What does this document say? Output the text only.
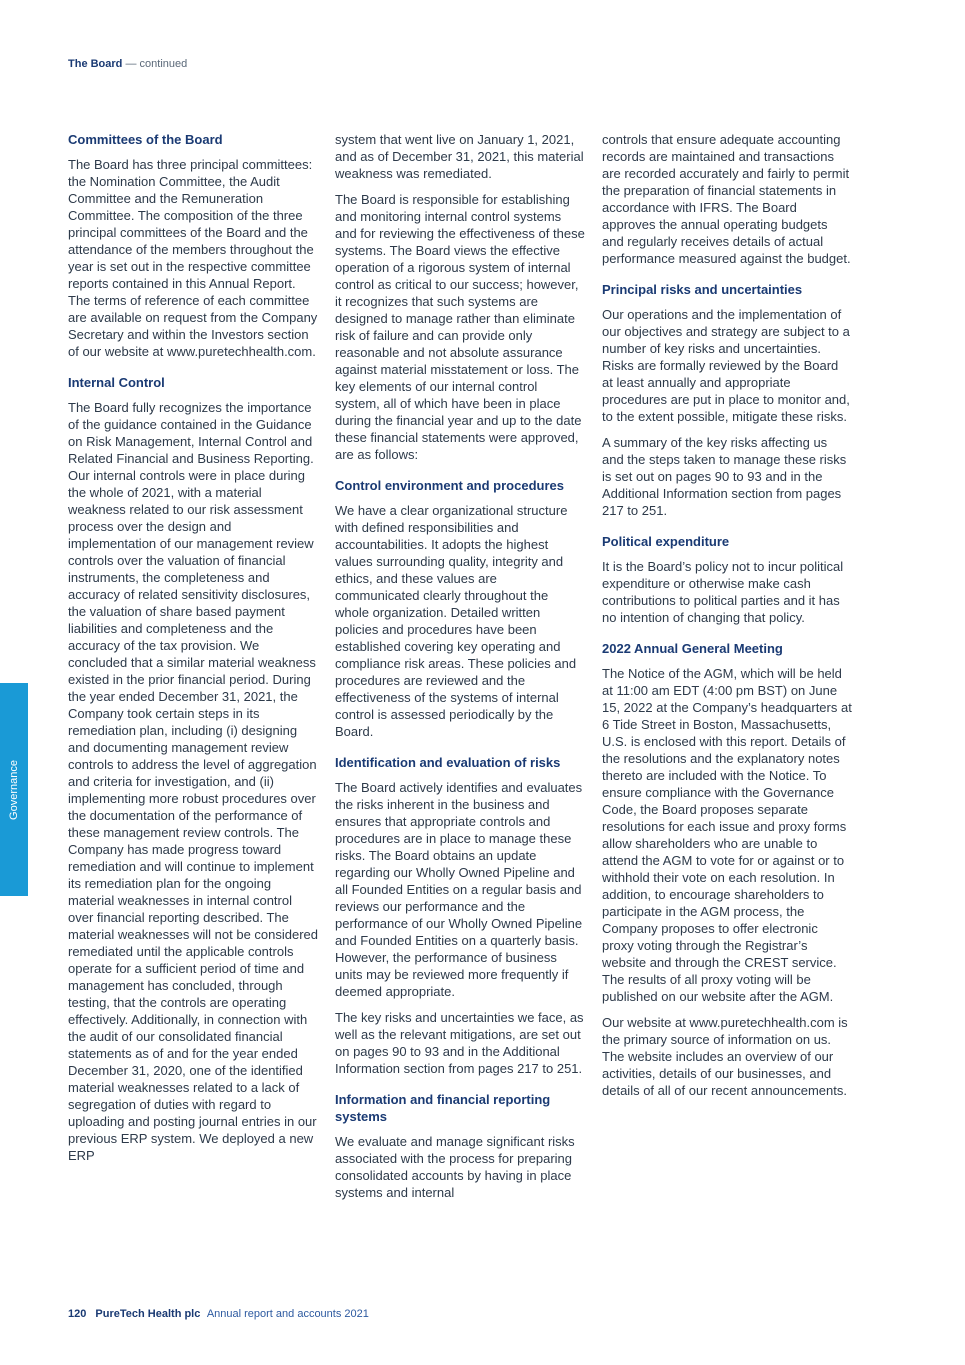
The Board — continued
Governance
Committees of the Board

The Board has three principal committees: the Nomination Committee, the Audit Committee and the Remuneration Committee. The composition of the three principal committees of the Board and the attendance of the members throughout the year is set out in the respective committee reports contained in this Annual Report. The terms of reference of each committee are available on request from the Company Secretary and within the Investors section of our website at www.puretechhealth.com.

Internal Control

The Board fully recognizes the importance of the guidance contained in the Guidance on Risk Management, Internal Control and Related Financial and Business Reporting. Our internal controls were in place during the whole of 2021, with a material weakness related to our risk assessment process over the design and implementation of our management review controls over the valuation of financial instruments, the completeness and accuracy of related sensitivity disclosures, the valuation of share based payment liabilities and completeness and the accuracy of the tax provision. We concluded that a similar material weakness existed in the prior financial period. During the year ended December 31, 2021, the Company took certain steps in its remediation plan, including (i) designing and documenting management review controls to address the level of aggregation and criteria for investigation, and (ii) implementing more robust procedures over the documentation of the performance of these management review controls. The Company has made progress toward remediation and will continue to implement its remediation plan for the ongoing material weaknesses in internal control over financial reporting described. The material weaknesses will not be considered remediated until the applicable controls operate for a sufficient period of time and management has concluded, through testing, that the controls are operating effectively. Additionally, in connection with the audit of our consolidated financial statements as of and for the year ended December 31, 2020, one of the identified material weaknesses related to a lack of segregation of duties with regard to uploading and posting journal entries in our previous ERP system. We deployed a new ERP

system that went live on January 1, 2021, and as of December 31, 2021, this material weakness was remediated.

The Board is responsible for establishing and monitoring internal control systems and for reviewing the effectiveness of these systems. The Board views the effective operation of a rigorous system of internal control as critical to our success; however, it recognizes that such systems are designed to manage rather than eliminate risk of failure and can provide only reasonable and not absolute assurance against material misstatement or loss. The key elements of our internal control system, all of which have been in place during the financial year and up to the date these financial statements were approved, are as follows:

Control environment and procedures

We have a clear organizational structure with defined responsibilities and accountabilities. It adopts the highest values surrounding quality, integrity and ethics, and these values are communicated clearly throughout the whole organization. Detailed written policies and procedures have been established covering key operating and compliance risk areas. These policies and procedures are reviewed and the effectiveness of the systems of internal control is assessed periodically by the Board.

Identification and evaluation of risks

The Board actively identifies and evaluates the risks inherent in the business and ensures that appropriate controls and procedures are in place to manage these risks. The Board obtains an update regarding our Wholly Owned Pipeline and all Founded Entities on a regular basis and reviews our performance and the performance of our Wholly Owned Pipeline and Founded Entities on a quarterly basis. However, the performance of business units may be reviewed more frequently if deemed appropriate.

The key risks and uncertainties we face, as well as the relevant mitigations, are set out on pages 90 to 93 and in the Additional Information section from pages 217 to 251.

Information and financial reporting systems

We evaluate and manage significant risks associated with the process for preparing consolidated accounts by having in place systems and internal

controls that ensure adequate accounting records are maintained and transactions are recorded accurately and fairly to permit the preparation of financial statements in accordance with IFRS. The Board approves the annual operating budgets and regularly receives details of actual performance measured against the budget.

Principal risks and uncertainties

Our operations and the implementation of our objectives and strategy are subject to a number of key risks and uncertainties. Risks are formally reviewed by the Board at least annually and appropriate procedures are put in place to monitor and, to the extent possible, mitigate these risks.

A summary of the key risks affecting us and the steps taken to manage these risks is set out on pages 90 to 93 and in the Additional Information section from pages 217 to 251.

Political expenditure

It is the Board’s policy not to incur political expenditure or otherwise make cash contributions to political parties and it has no intention of changing that policy.

2022 Annual General Meeting

The Notice of the AGM, which will be held at 11:00 am EDT (4:00 pm BST) on June 15, 2022 at the Company’s headquarters at 6 Tide Street in Boston, Massachusetts, U.S. is enclosed with this report. Details of the resolutions and the explanatory notes thereto are included with the Notice. To ensure compliance with the Governance Code, the Board proposes separate resolutions for each issue and proxy forms allow shareholders who are unable to attend the AGM to vote for or against or to withhold their vote on each resolution. In addition, to encourage shareholders to participate in the AGM process, the Company proposes to offer electronic proxy voting through the Registrar’s website and through the CREST service. The results of all proxy voting will be published on our website after the AGM.

Our website at www.puretechhealth.com is the primary source of information on us. The website includes an overview of our activities, details of our businesses, and details of all of our recent announcements.

120 PureTech Health plc Annual report and accounts 2021
